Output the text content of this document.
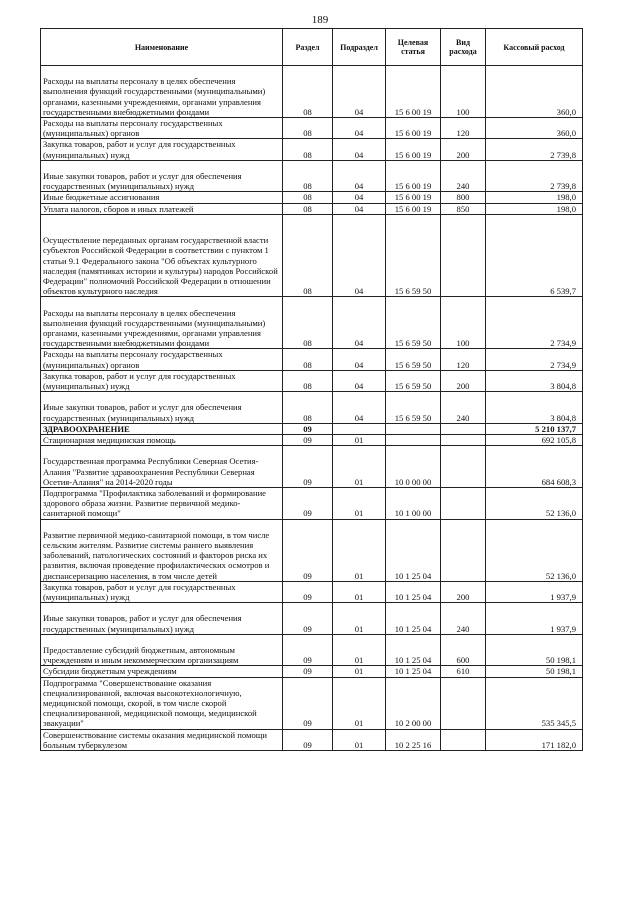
189
Наименование	Раздел	Подраздел	Целевая статья	Вид расхода	Кассовый расход
Расходы на выплаты персоналу в целях обеспечения выполнения функций государственными (муниципальными) органами, казенными учреждениями, органами управления государственными внебюджетными фондами	08	04	15 6 00 19	100	360,0
Расходы на выплаты персоналу государственных (муниципальных) органов	08	04	15 6 00 19	120	360,0
Закупка товаров, работ и услуг для государственных (муниципальных) нужд	08	04	15 6 00 19	200	2 739,8
Иные закупки товаров, работ и услуг для обеспечения государственных (муниципальных) нужд	08	04	15 6 00 19	240	2 739,8
Иные бюджетные ассигнования	08	04	15 6 00 19	800	198,0
Уплата налогов, сборов и иных платежей	08	04	15 6 00 19	850	198,0
Осуществление переданных органам государственной власти субъектов Российской Федерации в соответствии с пунктом 1 статьи 9.1 Федерального закона "Об объектах культурного наследия (памятниках истории и культуры) народов Российской Федерации" полномочий Российской Федерации в отношении объектов культурного наследия	08	04	15 6 59 50		6 539,7
Расходы на выплаты персоналу в целях обеспечения выполнения функций государственными (муниципальными) органами, казенными учреждениями, органами управления государственными внебюджетными фондами	08	04	15 6 59 50	100	2 734,9
Расходы на выплаты персоналу государственных (муниципальных) органов	08	04	15 6 59 50	120	2 734,9
Закупка товаров, работ и услуг для государственных (муниципальных) нужд	08	04	15 6 59 50	200	3 804,8
Иные закупки товаров, работ и услуг для обеспечения государственных (муниципальных) нужд	08	04	15 6 59 50	240	3 804,8
ЗДРАВООХРАНЕНИЕ	09				5 210 137,7
Стационарная медицинская помощь	09	01			692 105,8
Государственная программа Республики Северная Осетия-Алания "Развитие здравоохранения Республики Северная Осетия-Алания" на 2014-2020 годы	09	01	10 0 00 00		684 608,3
Подпрограмма "Профилактика заболеваний и формирование здорового образа жизни. Развитие первичной медико-санитарной помощи"	09	01	10 1 00 00		52 136,0
Развитие первичной медико-санитарной помощи, в том числе сельским жителям. Развитие системы раннего выявления заболеваний, патологических состояний и факторов риска их развития, включая проведение профилактических осмотров и диспансеризацию населения, в том числе детей	09	01	10 1 25 04		52 136,0
Закупка товаров, работ и услуг для государственных (муниципальных) нужд	09	01	10 1 25 04	200	1 937,9
Иные закупки товаров, работ и услуг для обеспечения государственных (муниципальных) нужд	09	01	10 1 25 04	240	1 937,9
Предоставление субсидий бюджетным, автономным учреждениям и иным некоммерческим организациям	09	01	10 1 25 04	600	50 198,1
Субсидии бюджетным учреждениям	09	01	10 1 25 04	610	50 198,1
Подпрограмма "Совершенствование оказания специализированной, включая высокотехнологичную, медицинской помощи, скорой, в том числе скорой специализированной, медицинской помощи, медицинской эвакуации"	09	01	10 2 00 00		535 345,5
Совершенствование системы оказания медицинской помощи больным туберкулезом	09	01	10 2 25 16		171 182,0
